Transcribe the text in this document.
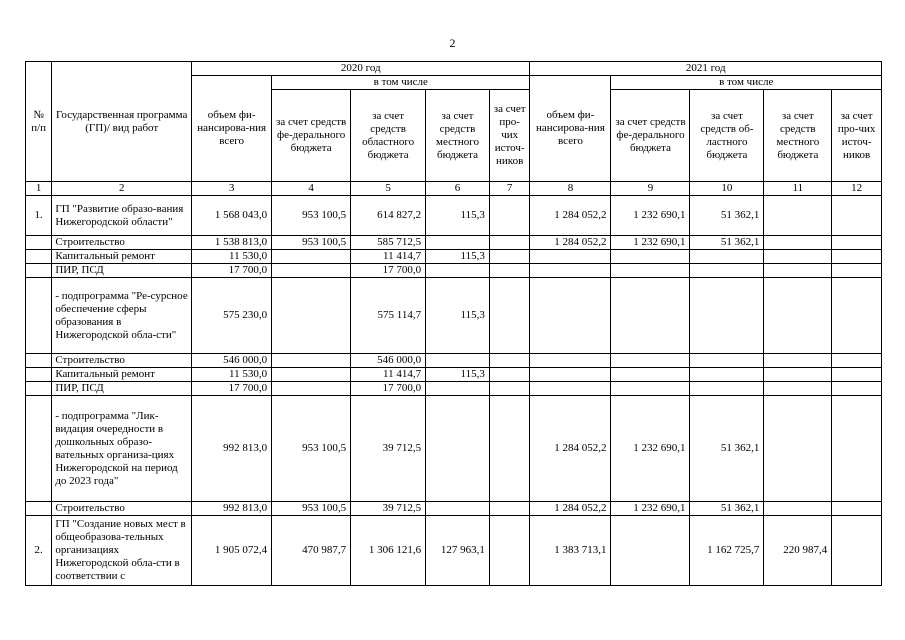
2
№ п/п	Государственная программа (ГП)/ вид работ	2020 год					2021 год				
		объем фи-нансирова-ния всего	в том числе				объем фи-нансирова-ния всего	в том числе			
			за счет средств фе-дерального бюджета	за счет средств областного бюджета	за счет средств местного бюджета	за счет про-чих источ-ников		за счет средств фе-дерального бюджета	за счет средств об-ластного бюджета	за счет средств местного бюджета	за счет про-чих источ-ников

1	2	3	4	5	6	7	8	9	10	11	12
1.	ГП "Развитие образо-вания Нижегородской области"	1 568 043,0	953 100,5	614 827,2	115,3		1 284 052,2	1 232 690,1	51 362,1		
	Строительство	1 538 813,0	953 100,5	585 712,5			1 284 052,2	1 232 690,1	51 362,1		
	Капитальный ремонт	11 530,0		11 414,7	115,3						
	ПИР, ПСД	17 700,0		17 700,0							
	- подпрограмма "Ре-сурсное обеспечение сферы образования в Нижегородской обла-сти"	575 230,0		575 114,7	115,3						
	Строительство	546 000,0		546 000,0							
	Капитальный ремонт	11 530,0		11 414,7	115,3						
	ПИР, ПСД	17 700,0		17 700,0							
	- подпрограмма "Лик-видация очередности в дошкольных образо-вательных организа-циях Нижегородской на период до 2023 года"	992 813,0	953 100,5	39 712,5			1 284 052,2	1 232 690,1	51 362,1		
	Строительство	992 813,0	953 100,5	39 712,5			1 284 052,2	1 232 690,1	51 362,1		
2.	ГП "Создание новых мест в общеобразова-тельных организациях Нижегородской обла-сти в соответствии с	1 905 072,4	470 987,7	1 306 121,6	127 963,1		1 383 713,1		1 162 725,7	220 987,4	
